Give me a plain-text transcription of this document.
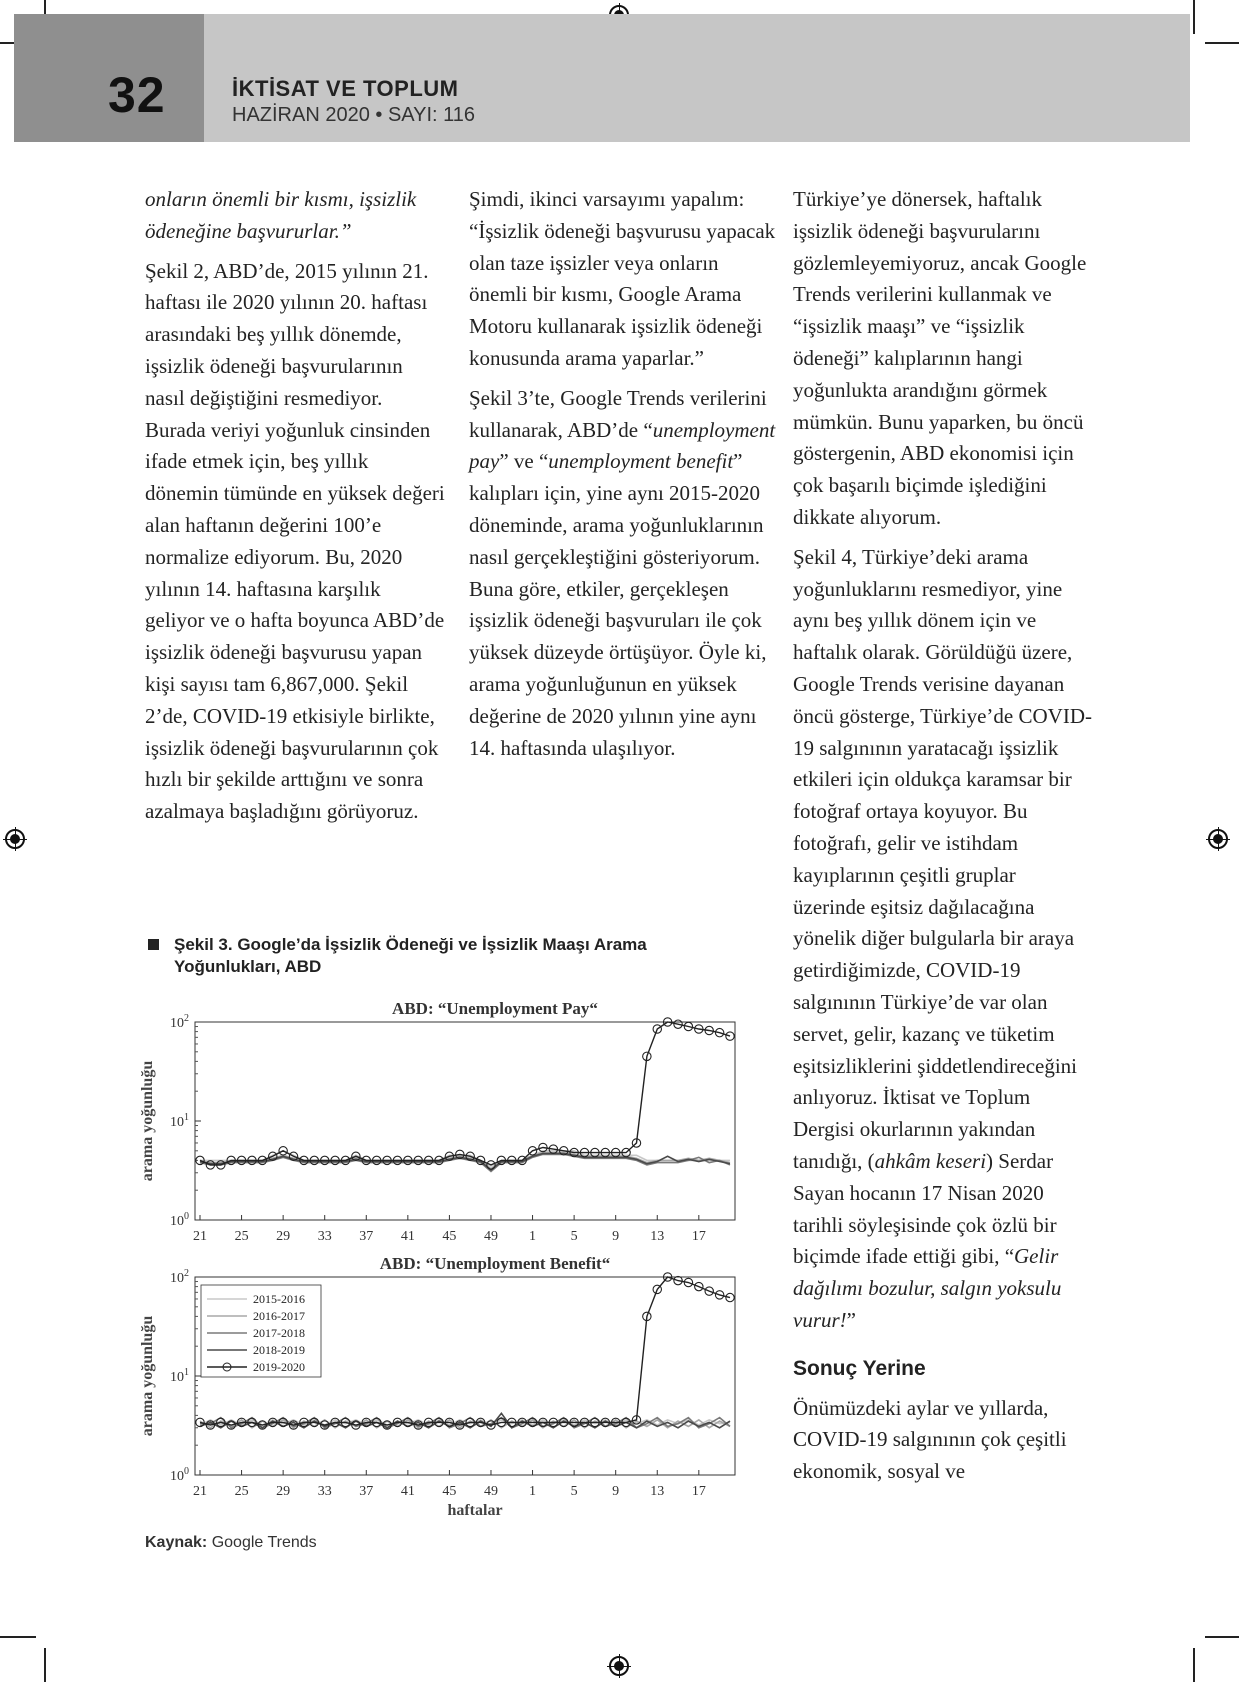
32	İKTİSAT VE TOPLUM
HAZİRAN 2020 • SAYI: 116

onların önemli bir kısmı, işsizlik ödeneğine başvururlar.”

Şekil 2, ABD’de, 2015 yılının 21. haftası ile 2020 yılının 20. haftası arasındaki beş yıllık dönemde, işsizlik ödeneği başvurularının nasıl değiştiğini resmediyor. Burada veriyi yoğunluk cinsinden ifade etmek için, beş yıllık dönemin tümünde en yüksek değeri alan haftanın değerini 100’e normalize ediyorum. Bu, 2020 yılının 14. haftasına karşılık geliyor ve o hafta boyunca ABD’de işsizlik ödeneği başvurusu yapan kişi sayısı tam 6,867,000. Şekil 2’de, COVID-19 etkisiyle birlikte, işsizlik ödeneği başvurularının çok hızlı bir şekilde arttığını ve sonra azalmaya başladığını görüyoruz.

Şimdi, ikinci varsayımı yapalım: “İşsizlik ödeneği başvurusu yapacak olan taze işsizler veya onların önemli bir kısmı, Google Arama Motoru kullanarak işsizlik ödeneği konusunda arama yaparlar.”

Şekil 3’te, Google Trends verilerini kullanarak, ABD’de “unemployment pay” ve “unemployment benefit” kalıpları için, yine aynı 2015-2020 döneminde, arama yoğunluklarının nasıl gerçekleştiğini gösteriyorum. Buna göre, etkiler, gerçekleşen işsizlik ödeneği başvuruları ile çok yüksek düzeyde örtüşüyor. Öyle ki, arama yoğunluğunun en yüksek değerine de 2020 yılının yine aynı 14. haftasında ulaşılıyor.

Türkiye’ye dönersek, haftalık işsizlik ödeneği başvurularını gözlemleyemiyoruz, ancak Google Trends verilerini kullanmak ve “işsizlik maaşı” ve “işsizlik ödeneği” kalıplarının hangi yoğunlukta arandığını görmek mümkün. Bunu yaparken, bu öncü göstergenin, ABD ekonomisi için çok başarılı biçimde işlediğini dikkate alıyorum.

Şekil 4, Türkiye’deki arama yoğunluklarını resmediyor, yine aynı beş yıllık dönem için ve haftalık olarak. Görüldüğü üzere, Google Trends verisine dayanan öncü gösterge, Türkiye’de COVID-19 salgınının yaratacağı işsizlik etkileri için oldukça karamsar bir fotoğraf ortaya koyuyor. Bu fotoğrafı, gelir ve istihdam kayıplarının çeşitli gruplar üzerinde eşitsiz dağılacağına yönelik diğer bulgularla bir araya getirdiğimizde, COVID-19 salgınının Türkiye’de var olan servet, gelir, kazanç ve tüketim eşitsizliklerini şiddetlendireceğini anlıyoruz. İktisat ve Toplum Dergisi okurlarının yakından tanıdığı, (ahkâm keseri) Serdar Sayan hocanın 17 Nisan 2020 tarihli söyleşisinde çok özlü bir biçimde ifade ettiği gibi, “Gelir dağılımı bozulur, salgın yoksulu vurur!”

Sonuç Yerine

Önümüzdeki aylar ve yıllarda, COVID-19 salgınının çok çeşitli ekonomik, sosyal ve

Şekil 3. Google’da İşsizlik Ödeneği ve İşsizlik Maaşı Arama Yoğunlukları, ABD
ABD: “Unemployment Pay“
$10^0$
$10^1$
$10^2$
arama yoğunluğu
21 25 29 33 37 41 45 49 1 5 9 13 17
ABD: “Unemployment Benefit“
$10^0$
$10^1$
$10^2$
arama yoğunluğu
21 25 29 33 37 41 45 49 1 5 9 13 17
haftalar
2015-2016
2016-2017
2017-2018
2018-2019
2019-2020
Kaynak: Google Trends
